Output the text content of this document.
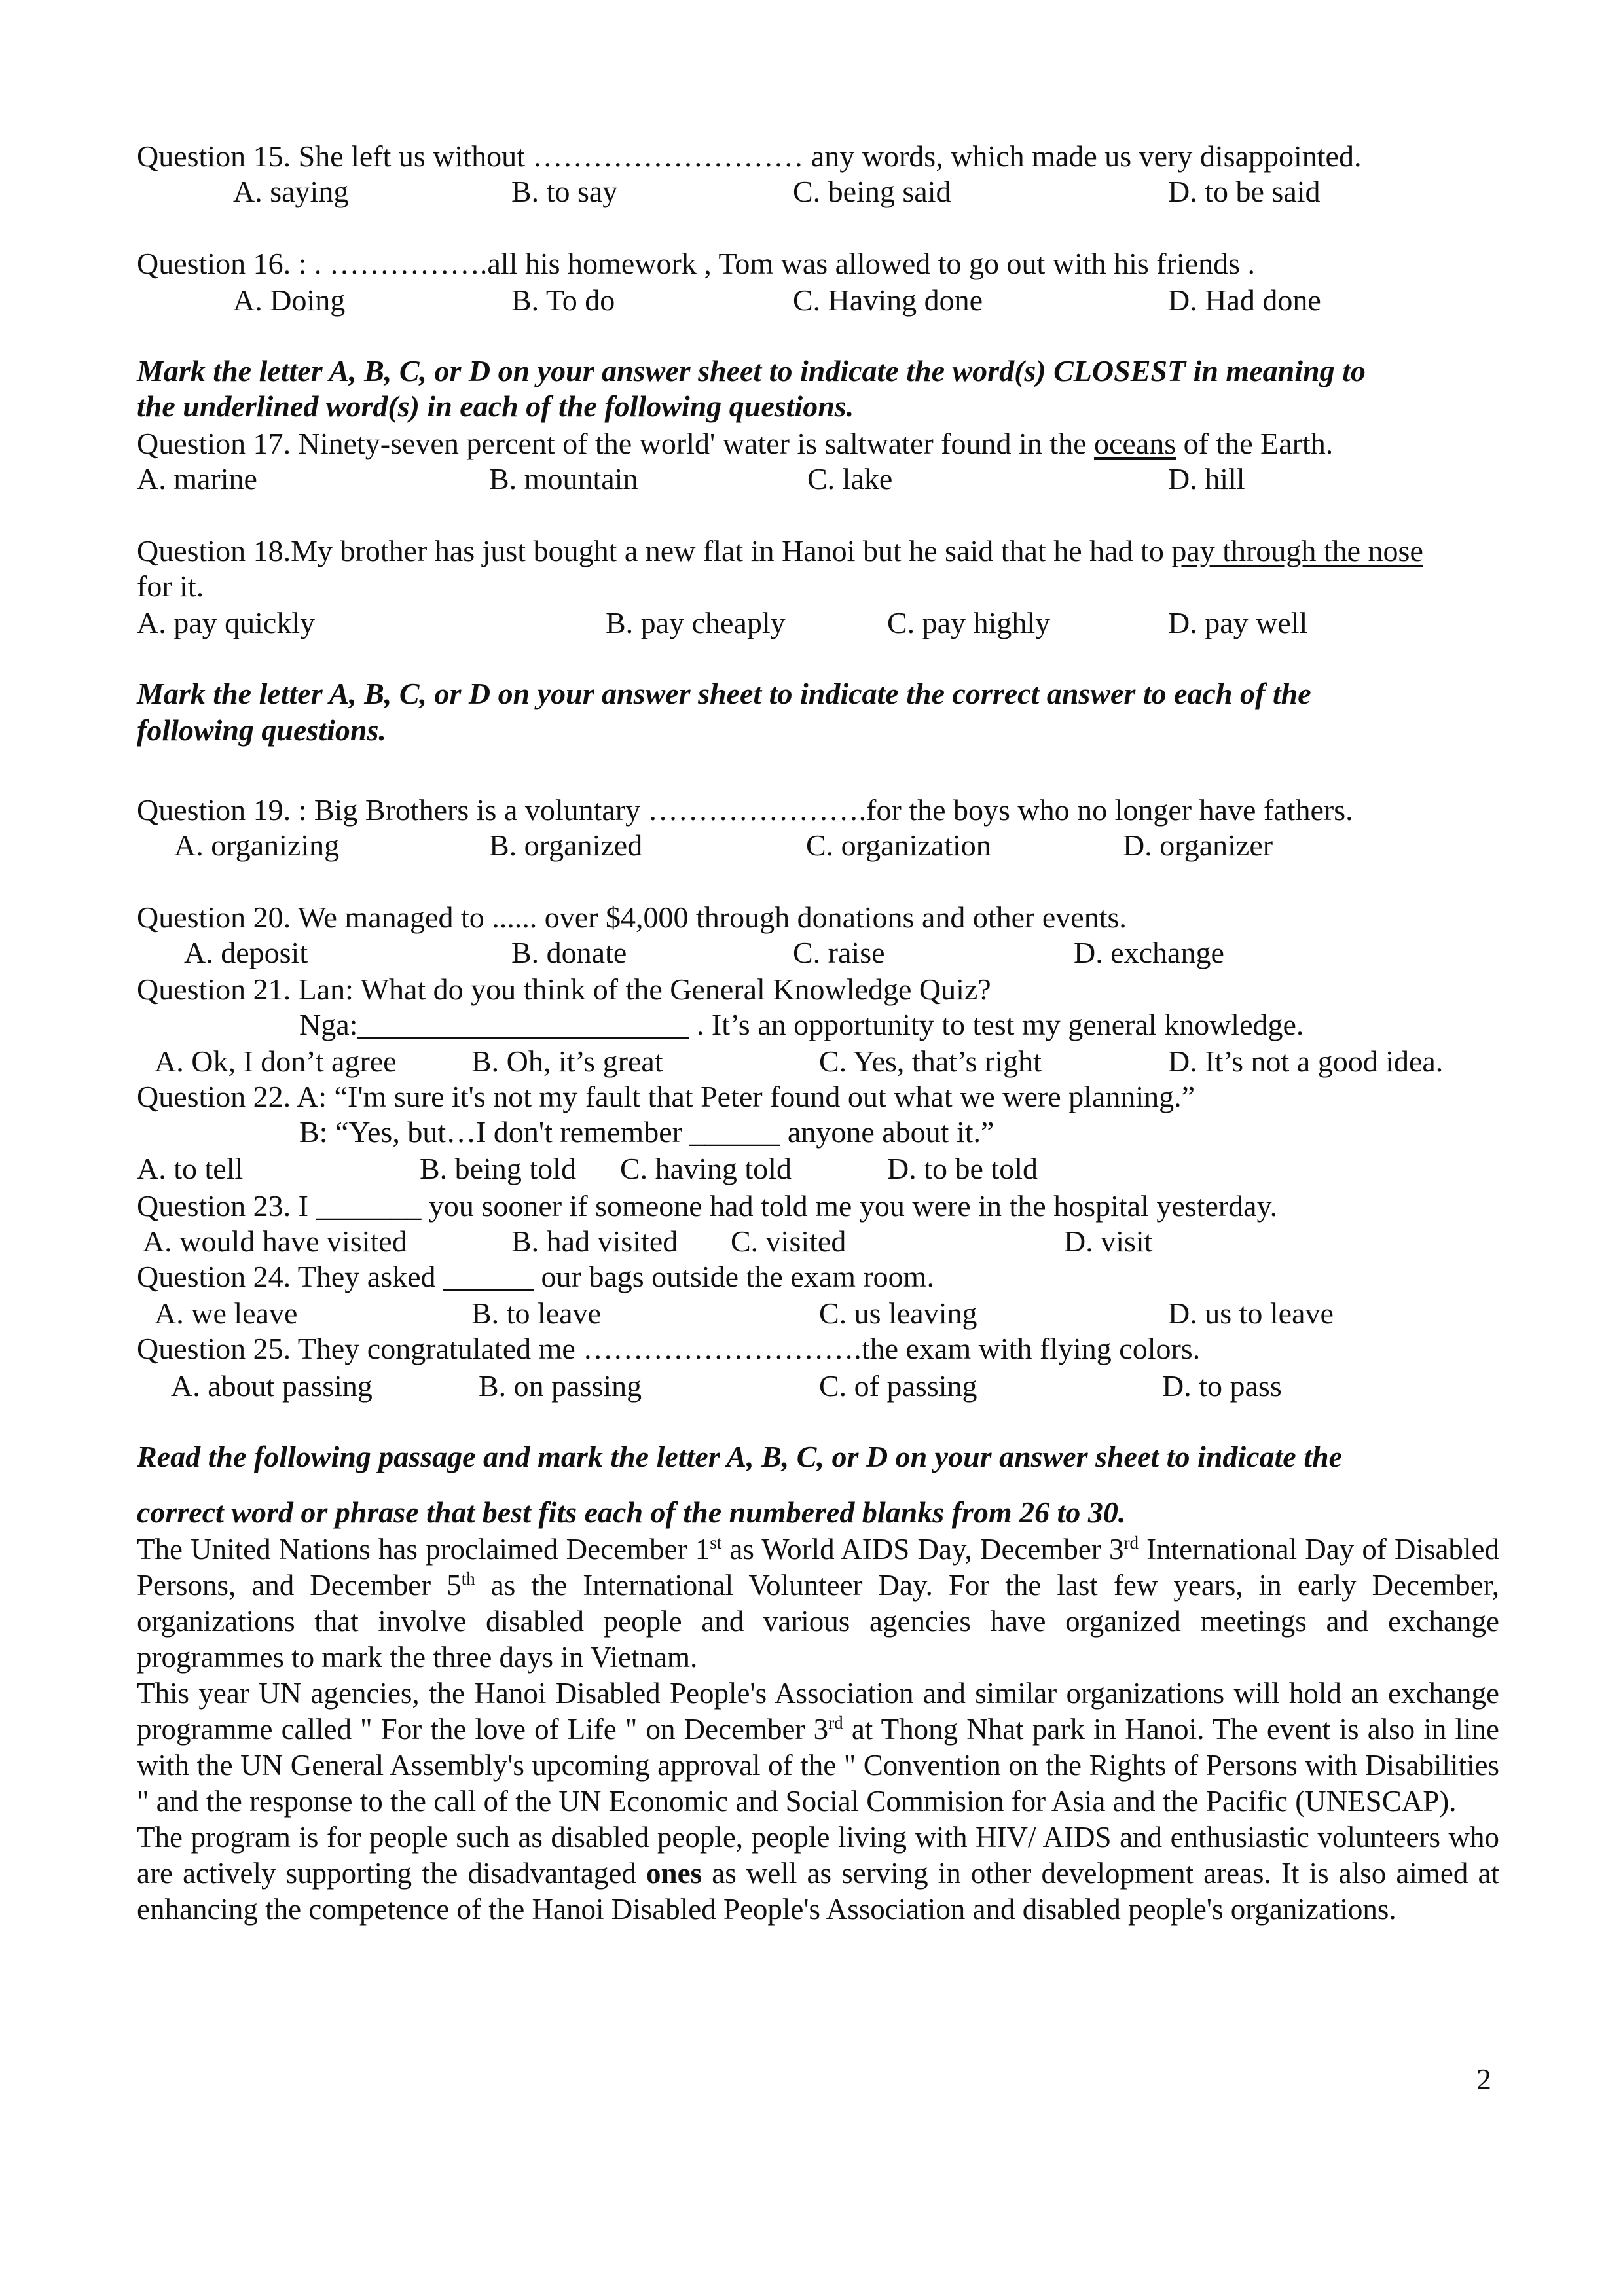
Question 15. She left us without ……………………… any words, which made us very disappointed.
A. saying	B. to say	C. being said	D. to be said
Question 16. : . …………….all his homework , Tom was allowed to go out with his friends .
A. Doing	B. To do	C. Having done	D. Had done
Mark the letter A, B, C, or D on your answer sheet to indicate the word(s) CLOSEST in meaning to
the underlined word(s) in each of the following questions.
Question 17. Ninety-seven percent of the world' water is saltwater found in the oceans of the Earth.
A. marine	B. mountain	C. lake	D. hill
Question 18.My brother has just bought a new flat in Hanoi but he said that he had to pay through the nose
for it.
A. pay quickly	B. pay cheaply	C. pay highly	D. pay well
Mark the letter A, B, C, or D on your answer sheet to indicate the correct answer to each of the
following questions.
Question 19. : Big Brothers is a voluntary ………………….for the boys who no longer have fathers.
A. organizing	B. organized	C. organization	D. organizer
Question 20. We managed to ...... over $4,000 through donations and other events.
A. deposit	B. donate	C. raise	D. exchange
Question 21. Lan: What do you think of the General Knowledge Quiz?
Nga:______________________ . It’s an opportunity to test my general knowledge.
A. Ok, I don’t agree B. Oh, it’s great	C. Yes, that’s right	D. It’s not a good idea.
Question 22. A: “I'm sure it's not my fault that Peter found out what we were planning.”
B: “Yes, but…I don't remember ______ anyone about it.”
A. to tell	B. being told C. having told	D. to be told
Question 23. I _______ you sooner if someone had told me you were in the hospital yesterday.
A. would have visited	B. had visited C. visited	D. visit
Question 24. They asked ______ our bags outside the exam room.
A. we leave	B. to leave	C. us leaving	D. us to leave
Question 25. They congratulated me ……………………….the exam with flying colors.
A. about passing	B. on passing	C. of passing	D. to pass
Read the following passage and mark the letter A, B, C, or D on your answer sheet to indicate the
correct word or phrase that best fits each of the numbered blanks from 26 to 30.

The United Nations has proclaimed December 1st as World AIDS Day, December 3rd International Day of Disabled Persons, and December 5th as the International Volunteer Day. For the last few years, in early December, organizations that involve disabled people and various agencies have organized meetings and exchange programmes to mark the three days in Vietnam.

This year UN agencies, the Hanoi Disabled People's Association and similar organizations will hold an exchange programme called " For the love of Life " on December 3rd at Thong Nhat park in Hanoi. The event is also in line with the UN General Assembly's upcoming approval of the " Convention on the Rights of Persons with Disabilities " and the response to the call of the UN Economic and Social Commision for Asia and the Pacific (UNESCAP).

The program is for people such as disabled people, people living with HIV/ AIDS and enthusiastic volunteers who are actively supporting the disadvantaged ones as well as serving in other development areas. It is also aimed at enhancing the competence of the Hanoi Disabled People's Association and disabled people's organizations.

2
